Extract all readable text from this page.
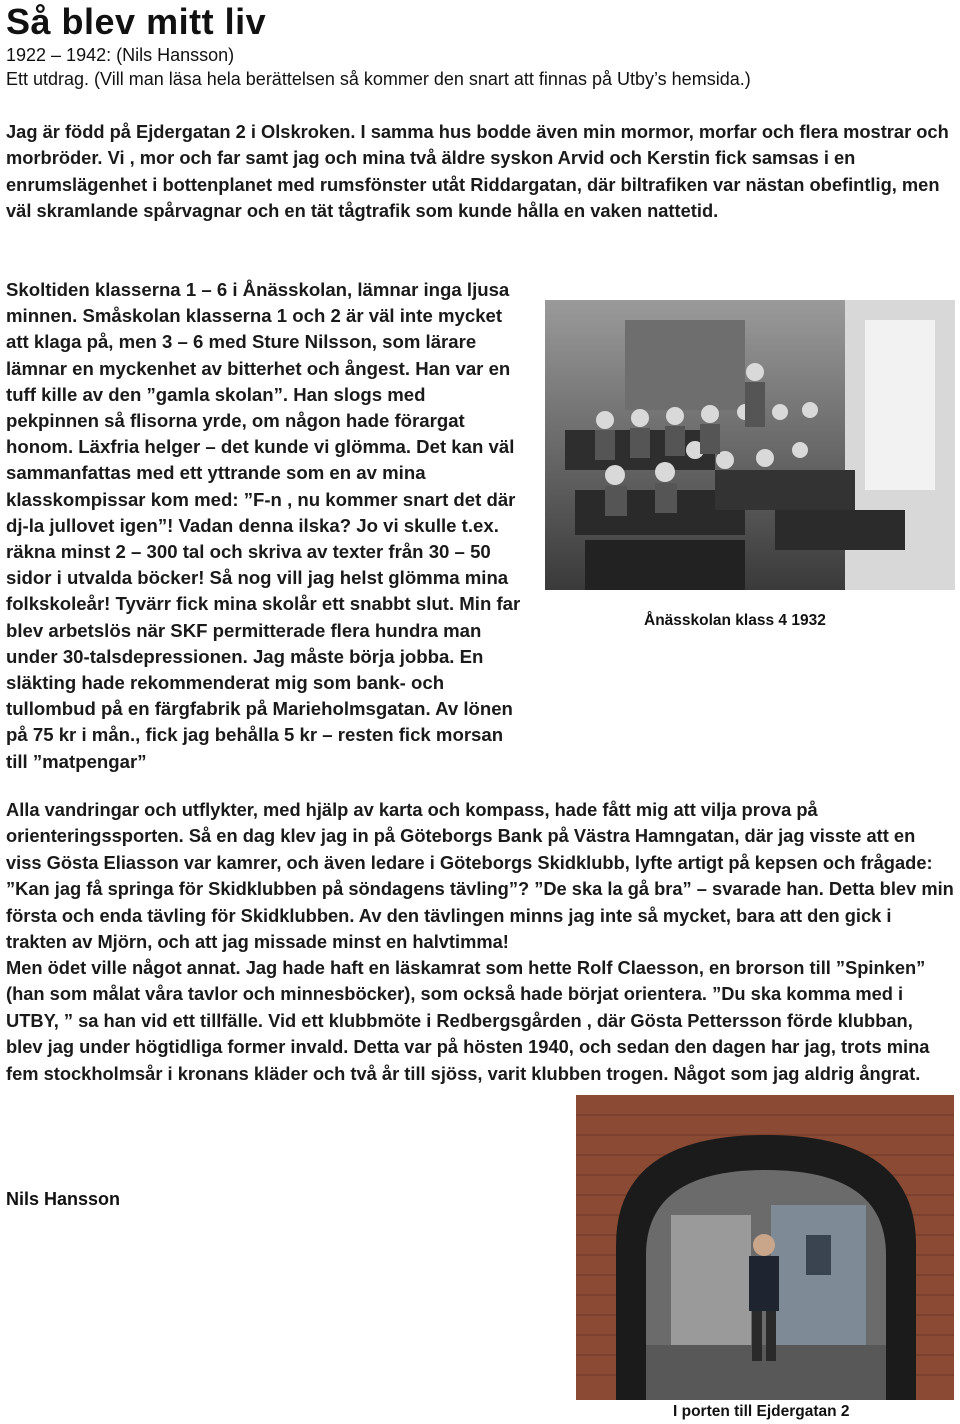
Så blev mitt liv
1922 – 1942: (Nils Hansson)
Ett utdrag. (Vill man läsa hela berättelsen så kommer den snart att finnas på Utby’s hemsida.)
Jag är född på Ejdergatan 2 i Olskroken. I samma hus bodde även min mormor, morfar och flera mostrar och morbröder. Vi , mor och far samt jag och mina två äldre syskon Arvid och Kerstin fick samsas i en enrumslägenhet i bottenplanet med rumsfönster utåt Riddargatan, där biltrafiken var nästan obefintlig, men väl skramlande spårvagnar och en tät tågtrafik som kunde hålla en vaken nattetid.
Skoltiden klasserna 1 – 6 i Ånässkolan, lämnar inga ljusa minnen. Småskolan klasserna 1 och 2 är väl inte mycket att klaga på, men 3 – 6 med Sture Nilsson, som lärare lämnar en myckenhet av bitterhet och ångest. Han var en tuff kille av den ”gamla skolan”. Han slogs med pekpinnen så flisorna yrde, om någon hade förargat honom. Läxfria helger – det kunde vi glömma. Det kan väl sammanfattas med ett yttrande som en av mina klasskompissar kom med: ”F-n , nu kommer snart det där dj-la jullovet igen”! Vadan denna ilska? Jo vi skulle t.ex. räkna minst 2 – 300 tal och skriva av texter från 30 – 50 sidor i utvalda böcker! Så nog vill jag helst glömma mina folkskoleår! Tyvärr fick mina skolår ett snabbt slut. Min far blev arbetslös när SKF permitterade flera hundra man under 30-talsdepressionen. Jag måste börja jobba. En släkting hade rekommenderat mig som bank- och tullombud på en färgfabrik på Marieholmsgatan. Av lönen på 75 kr i mån., fick jag behålla 5 kr – resten fick morsan till ”matpengar”
Ånässkolan klass 4 1932
Alla vandringar och utflykter, med hjälp av karta och kompass, hade fått mig att vilja prova på orienteringssporten. Så en dag klev jag in på Göteborgs Bank på Västra Hamngatan, där jag visste att en viss Gösta Eliasson var kamrer, och även ledare i Göteborgs Skidklubb, lyfte artigt på kepsen och frågade: ”Kan jag få springa för Skidklubben på söndagens tävling”? ”De ska la gå bra” – svarade han. Detta blev min första och enda tävling för Skidklubben. Av den tävlingen minns jag inte så mycket, bara att den gick i trakten av Mjörn, och att jag missade minst en halvtimma!
Men ödet ville något annat. Jag hade haft en läskamrat som hette Rolf Claesson, en brorson till ”Spinken” (han som målat våra tavlor och minnesböcker), som också hade börjat orientera. ”Du ska komma med i UTBY, ” sa han vid ett tillfälle. Vid ett klubbmöte i Redbergsgården , där Gösta Pettersson förde klubban, blev jag under högtidliga former invald. Detta var på hösten 1940, och sedan den dagen har jag, trots mina fem stockholmsår i kronans kläder och två år till sjöss, varit klubben trogen. Något som jag aldrig ångrat.
Nils Hansson
I porten till Ejdergatan 2
